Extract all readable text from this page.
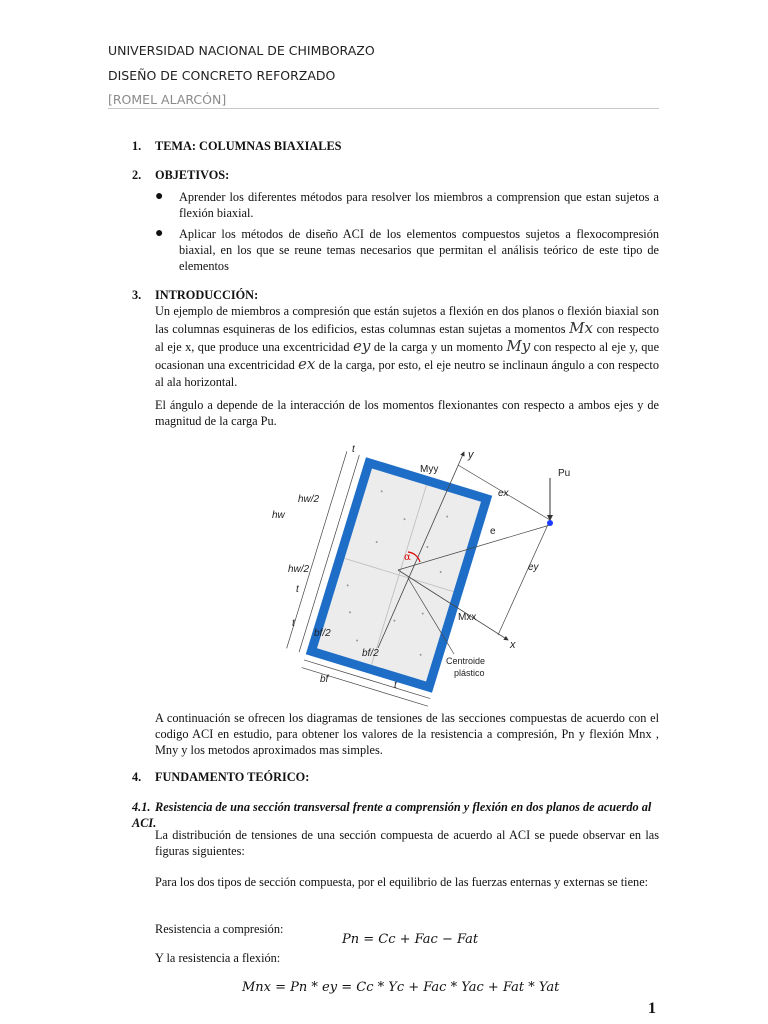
UNIVERSIDAD NACIONAL DE CHIMBORAZO
DISEÑO DE CONCRETO REFORZADO
[ROMEL ALARCÓN]
1. TEMA: COLUMNAS BIAXIALES
2. OBJETIVOS:
● Aprender los diferentes métodos para resolver los miembros a comprension que estan sujetos a flexión biaxial.
● Aplicar los métodos de diseño ACI de los elementos compuestos sujetos a flexocompresión biaxial, en los que se reune temas necesarios que permitan el análisis teórico de este tipo de elementos
3. INTRODUCCIÓN:
Un ejemplo de miembros a compresión que están sujetos a flexión en dos planos o flexión biaxial son las columnas esquineras de los edificios, estas columnas estan sujetas a momentos Mx con respecto al eje x, que produce una excentricidad ey de la carga y un momento My con respecto al eje y, que ocasionan una excentricidad ex de la carga, por esto, el eje neutro se inclinaun ángulo a con respecto al ala horizontal.
El ángulo a depende de la interacción de los momentos flexionantes con respecto a ambos ejes y de magnitud de la carga Pu.
Myy
y
Pu
ex
e
ey
Mxx
x
hw
hw/2
hw/2
t
t
t
t
bf/2
bf/2
bf
α
Centroide
plástico
A continuación se ofrecen los diagramas de tensiones de las secciones compuestas de acuerdo con el codigo ACI en estudio, para obtener los valores de la resistencia a compresión, Pn y flexión Mnx , Mny y los metodos aproximados mas simples.
4. FUNDAMENTO TEÓRICO:
4.1. Resistencia de una sección transversal frente a comprensión y flexión en dos planos de acuerdo al ACI.
La distribución de tensiones de una sección compuesta de acuerdo al ACI se puede observar en las figuras siguientes:
Para los dos tipos de sección compuesta, por el equilibrio de las fuerzas enternas y externas se tiene:
Resistencia a compresión:
Pn = Cc + Fac − Fat
Y la resistencia a flexión:
Mnx = Pn * ey = Cc * Yc + Fac * Yac + Fat * Yat
1
